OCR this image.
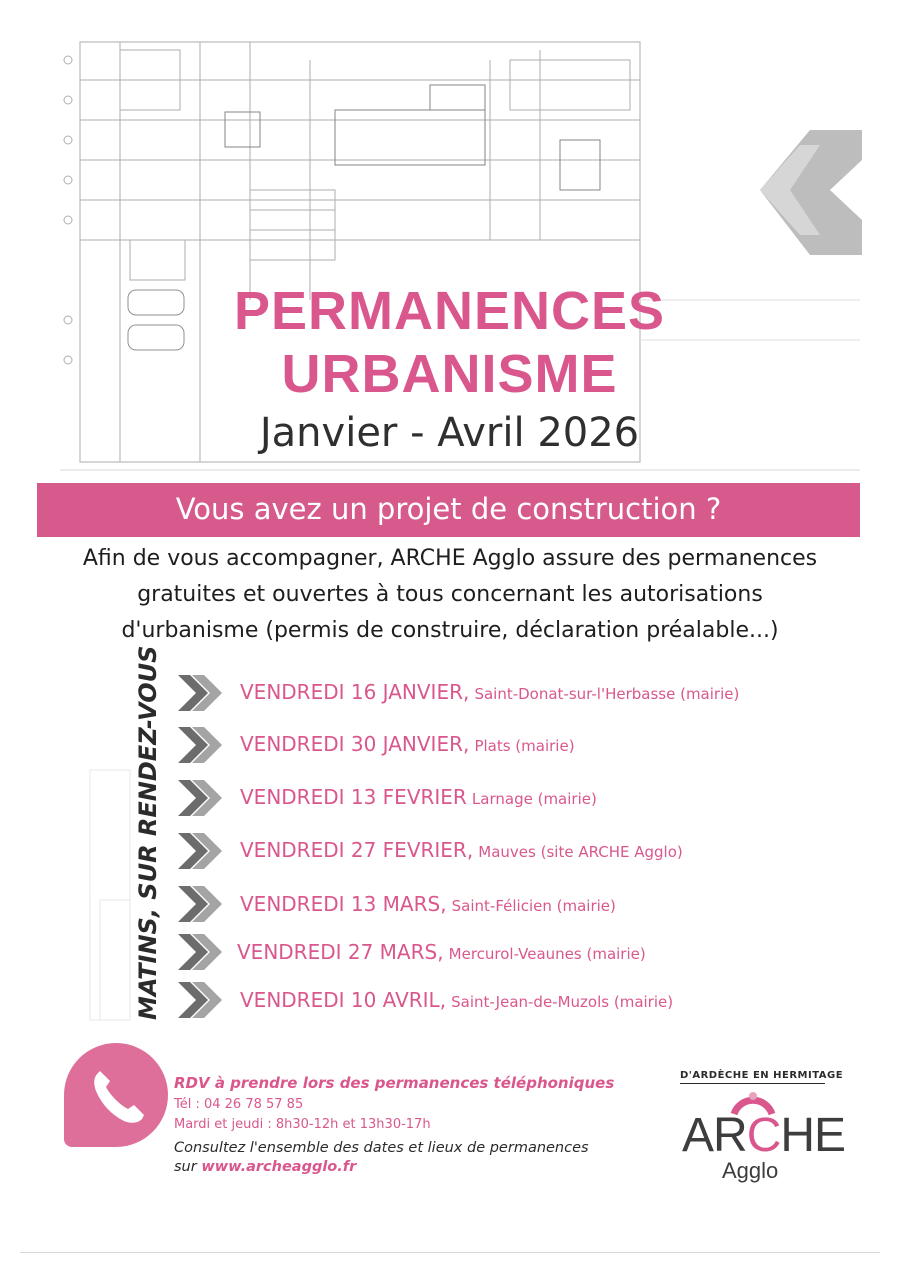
PERMANENCES
URBANISME
Janvier - Avril 2026
Vous avez un projet de construction ?
Afin de vous accompagner, ARCHE Agglo assure des permanences
gratuites et ouvertes à tous concernant les autorisations
d'urbanisme (permis de construire, déclaration préalable...)
MATINS, SUR RENDEZ-VOUS	VENDREDI 16 JANVIER, Saint-Donat-sur-l'Herbasse (mairie)
VENDREDI 30 JANVIER, Plats (mairie)
VENDREDI 13 FEVRIER Larnage (mairie)
VENDREDI 27 FEVRIER, Mauves (site ARCHE Agglo)
VENDREDI 13 MARS, Saint-Félicien (mairie)
VENDREDI 27 MARS, Mercurol-Veaunes (mairie)
VENDREDI 10 AVRIL, Saint-Jean-de-Muzols (mairie)
RDV à prendre lors des permanences téléphoniques
Tél : 04 26 78 57 85
Mardi et jeudi : 8h30-12h et 13h30-17h
Consultez l'ensemble des dates et lieux de permanences
sur www.archeagglo.fr
D'ARDÈCHE EN HERMITAGE
ARCHE
Agglo
